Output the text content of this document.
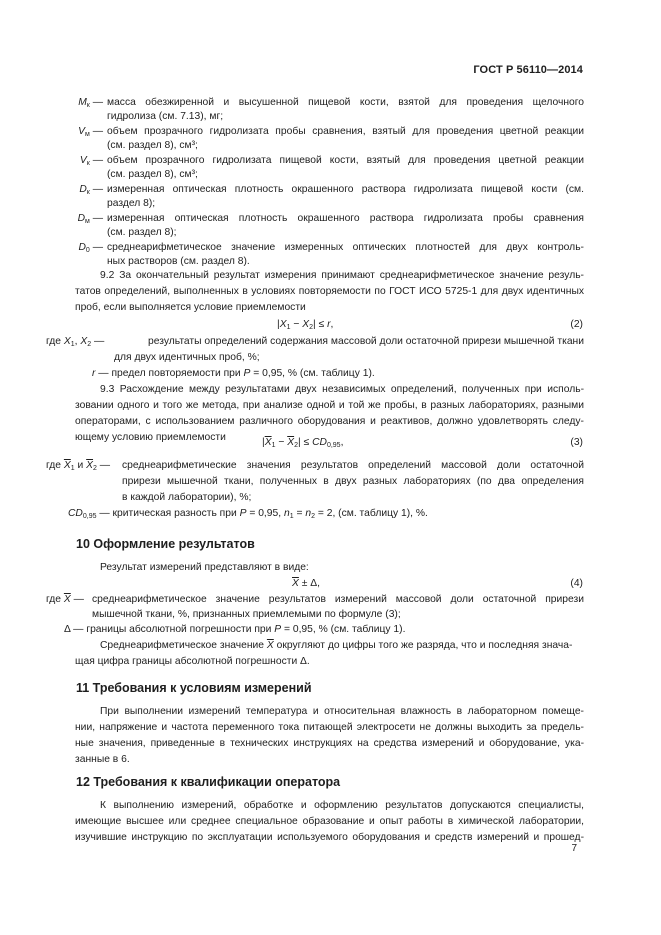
ГОСТ Р 56110—2014
$M_к$ — масса обезжиренной и высушенной пищевой кости, взятой для проведения щелочного
гидролиза (см. 7.13), мг;
$V_м$ — объем прозрачного гидролизата пробы сравнения, взятый для проведения цветной реакции
(см. раздел 8), см³;
$V_к$ — объем прозрачного гидролизата пищевой кости, взятый для проведения цветной реакции
(см. раздел 8), см³;
$D_к$ — измеренная оптическая плотность окрашенного раствора гидролизата пищевой кости (см.
раздел 8);
$D_м$ — измеренная оптическая плотность окрашенного раствора гидролизата пробы сравнения
(см. раздел 8);
$D_0$ — среднеарифметическое значение измеренных оптических плотностей для двух контроль-
ных растворов (см. раздел 8).
9.2 За окончательный результат измерения принимают среднеарифметическое значение резуль-
татов определений, выполненных в условиях повторяемости по ГОСТ ИСО 5725-1 для двух идентичных
проб, если выполняется условие приемлемости
$|X_1 - X_2| \le r$,	(2)
где $X_1$, $X_2$ —	результаты определений содержания массовой доли остаточной прирези мышечной ткани
для двух идентичных проб, %;
r — предел повторяемости при P = 0,95, % (см. таблицу 1).
9.3 Расхождение между результатами двух независимых определений, полученных при исполь-
зовании одного и того же метода, при анализе одной и той же пробы, в разных лабораториях, разными
операторами, с использованием различного оборудования и реактивов, должно удовлетворять следу-
ющему условию приемлемости	$|\overline{X}_1 - \overline{X}_2| \le CD_{0,95}$,	(3)
где $\overline{X}_1$ и $\overline{X}_2$ — среднеарифметические значения результатов определений массовой доли остаточной
прирези мышечной ткани, полученных в двух разных лабораториях (по два определения
в каждой лаборатории), %;
$CD_{0,95}$ — критическая разность при P = 0,95, $n_1 = n_2 = 2$, (см. таблицу 1), %.
10 Оформление результатов
Результат измерений представляют в виде:
$\overline{X} \pm \Delta$,	(4)
где $\overline{X}$ — среднеарифметическое значение результатов измерений массовой доли остаточной прирези
мышечной ткани, %, признанных приемлемыми по формуле (3);
Δ — границы абсолютной погрешности при P = 0,95, % (см. таблицу 1).
Среднеарифметическое значение $\overline{X}$ округляют до цифры того же разряда, что и последняя знача-
щая цифра границы абсолютной погрешности Δ.
11 Требования к условиям измерений
При выполнении измерений температура и относительная влажность в лабораторном помеще-
нии, напряжение и частота переменного тока питающей электросети не должны выходить за предель-
ные значения, приведенные в технических инструкциях на средства измерений и оборудование, ука-
занные в 6.
12 Требования к квалификации оператора
К выполнению измерений, обработке и оформлению результатов допускаются специалисты,
имеющие высшее или среднее специальное образование и опыт работы в химической лаборатории,
изучившие инструкцию по эксплуатации используемого оборудования и средств измерений и прошед-
7
